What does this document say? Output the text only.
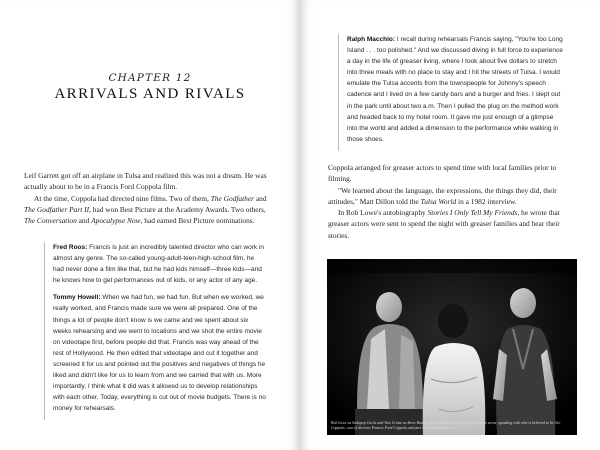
CHAPTER 12
ARRIVALS AND RIVALS

Leif Garrett got off an airplane in Tulsa and realized this was not a dream. He was actually about to be in a Francis Ford Coppola film.

At the time, Coppola had directed nine films. Two of them, The Godfather and The Godfather Part II, had won Best Picture at the Academy Awards. Two others, The Conversation and Apocalypse Now, had earned Best Picture nominations.

Fred Roos: Francis is just an incredibly talented director who can work in almost any genre. The so-called young-adult-teen-high-school film, he had never done a film like that, but he had kids himself—three kids—and he knows how to get performances out of kids, or any actor of any age.

Tommy Howell: When we had fun, we had fun. But when we worked, we really worked, and Francis made sure we were all prepared. One of the things a lot of people don't know is we came and we spent about six weeks rehearsing and we went to locations and we shot the entire movie on videotape first, before people did that. Francis was way ahead of the rest of Hollywood. He then edited that videotape and cut it together and screened it for us and pointed out the positives and negatives of things he liked and didn't like for us to learn from and we carried that with us. More importantly, I think what it did was it allowed us to develop relationships with each other. Today, everything is cut out of movie budgets. There is no money for rehearsals.

Ralph Macchio: I recall during rehearsals Francis saying, "You're too Long Island . . . too polished." And we discussed diving in full force to experience a day in the life of greaser living, where I took about five dollars to stretch into three meals with no place to stay and I hit the streets of Tulsa. I would emulate the Tulsa accents from the townspeople for Johnny's speech cadence and I lived on a few candy bars and a burger and fries. I slept out in the park until about two a.m. Then I pulled the plug on the method work and headed back to my hotel room. It gave me just enough of a glimpse into the world and added a dimension to the performance while walking in those shoes.

Coppola arranged for greaser actors to spend time with local families prior to filming.

"We learned about the language, the expressions, the things they did, their attitudes," Matt Dillon told the Tulsa World in a 1982 interview.

In Rob Lowe's autobiography Stories I Only Tell My Friends, he wrote that greaser actors were sent to spend the night with greaser families and hear their stories.

Rob Lowe as Sodapop Curtis and Tom Cruise as Steve Randle, pictured between takes of the rumble scene, speaking with who is believed to be Gio Coppola—son of director Francis Ford Coppola and part of the production crew.
